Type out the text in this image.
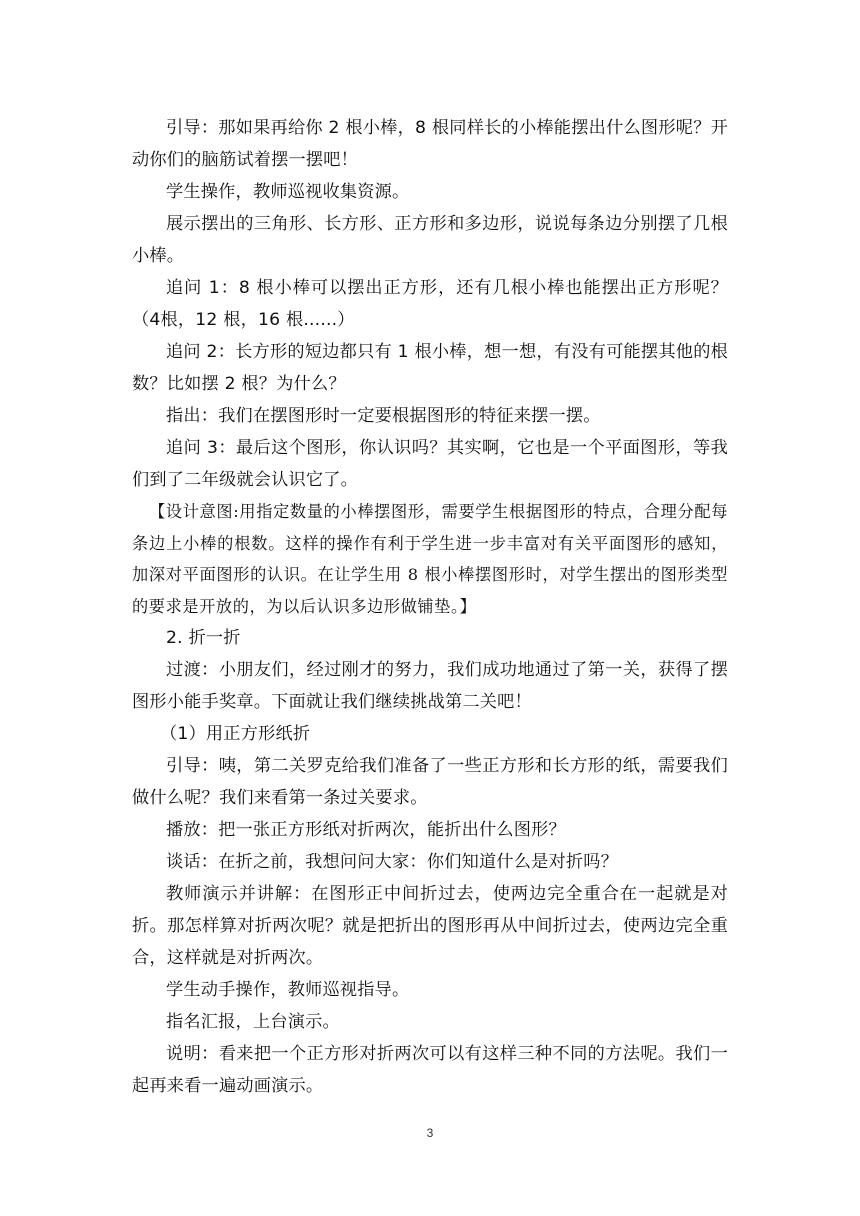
引导：那如果再给你 2 根小棒，8 根同样长的小棒能摆出什么图形呢？开动你们的脑筋试着摆一摆吧！

学生操作，教师巡视收集资源。

展示摆出的三角形、长方形、正方形和多边形，说说每条边分别摆了几根小棒。

追问 1：8 根小棒可以摆出正方形，还有几根小棒也能摆出正方形呢？（4根，12 根，16 根......）

追问 2：长方形的短边都只有 1 根小棒，想一想，有没有可能摆其他的根数？比如摆 2 根？为什么？

指出：我们在摆图形时一定要根据图形的特征来摆一摆。

追问 3：最后这个图形，你认识吗？其实啊，它也是一个平面图形，等我们到了二年级就会认识它了。

【设计意图:用指定数量的小棒摆图形，需要学生根据图形的特点，合理分配每条边上小棒的根数。这样的操作有利于学生进一步丰富对有关平面图形的感知，加深对平面图形的认识。在让学生用 8 根小棒摆图形时，对学生摆出的图形类型的要求是开放的，为以后认识多边形做铺垫。】

2. 折一折

过渡：小朋友们，经过刚才的努力，我们成功地通过了第一关，获得了摆图形小能手奖章。下面就让我们继续挑战第二关吧！

（1）用正方形纸折

引导：咦，第二关罗克给我们准备了一些正方形和长方形的纸，需要我们做什么呢？我们来看第一条过关要求。

播放：把一张正方形纸对折两次，能折出什么图形？

谈话：在折之前，我想问问大家：你们知道什么是对折吗？

教师演示并讲解：在图形正中间折过去，使两边完全重合在一起就是对折。那怎样算对折两次呢？就是把折出的图形再从中间折过去，使两边完全重合，这样就是对折两次。

学生动手操作，教师巡视指导。

指名汇报，上台演示。

说明：看来把一个正方形对折两次可以有这样三种不同的方法呢。我们一起再来看一遍动画演示。

3
